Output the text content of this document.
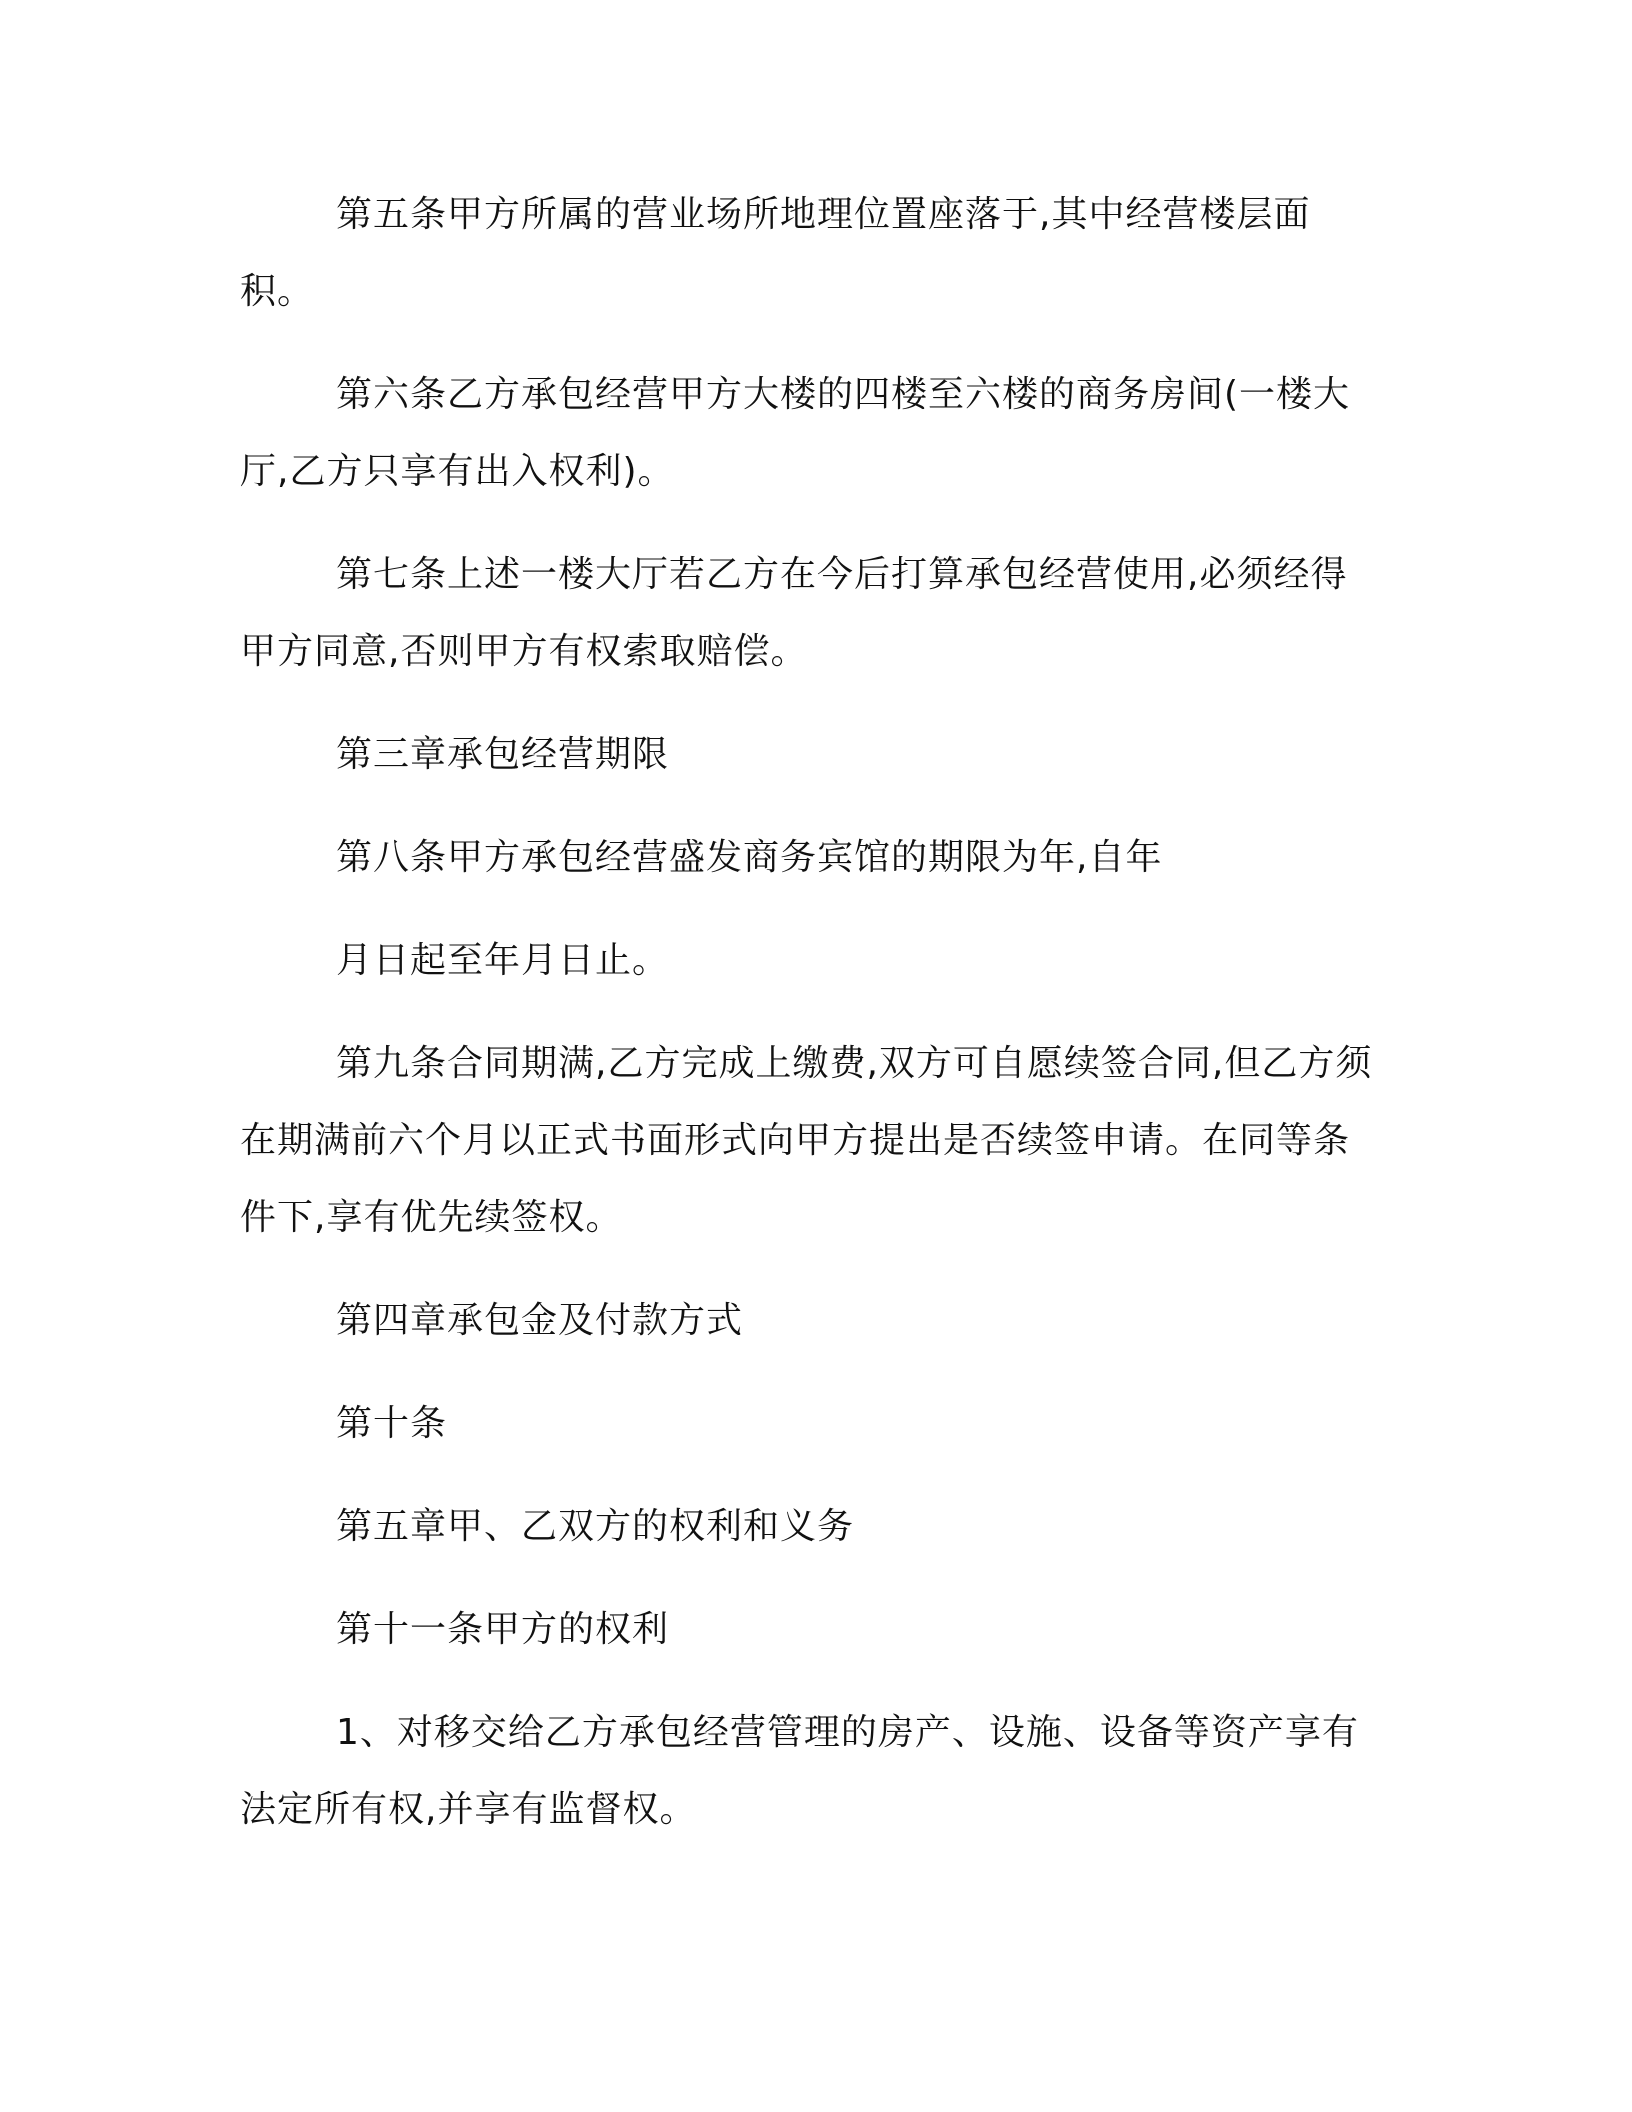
第五条甲方所属的营业场所地理位置座落于,其中经营楼层面积。

第六条乙方承包经营甲方大楼的四楼至六楼的商务房间(一楼大厅,乙方只享有出入权利)。

第七条上述一楼大厅若乙方在今后打算承包经营使用,必须经得甲方同意,否则甲方有权索取赔偿。

第三章承包经营期限

第八条甲方承包经营盛发商务宾馆的期限为年,自年

月日起至年月日止。

第九条合同期满,乙方完成上缴费,双方可自愿续签合同,但乙方须在期满前六个月以正式书面形式向甲方提出是否续签申请。在同等条件下,享有优先续签权。

第四章承包金及付款方式

第十条

第五章甲、乙双方的权利和义务

第十一条甲方的权利

1、对移交给乙方承包经营管理的房产、设施、设备等资产享有法定所有权,并享有监督权。
